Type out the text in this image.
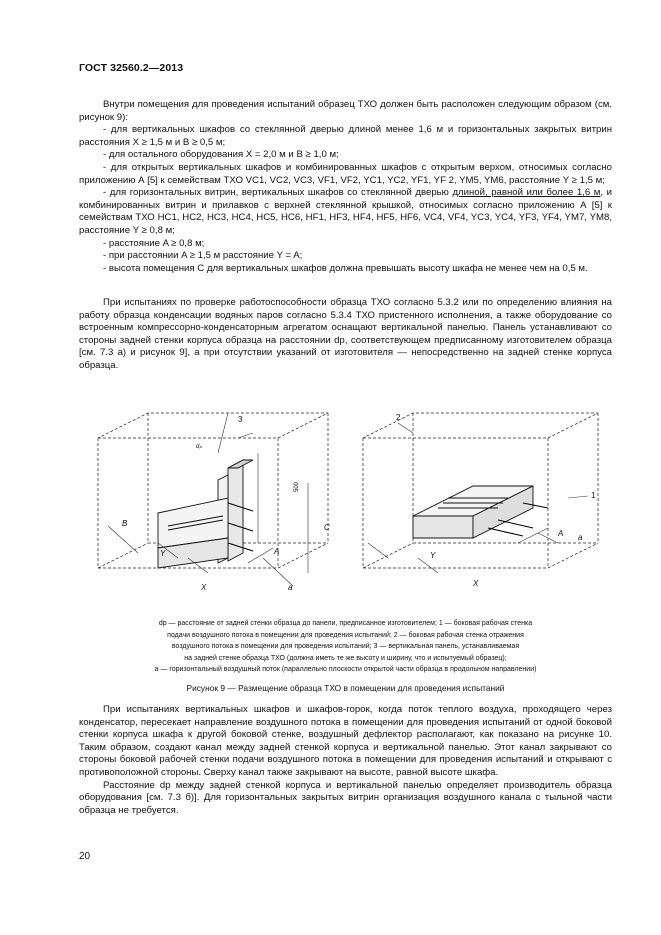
ГОСТ 32560.2—2013

Внутри помещения для проведения испытаний образец ТХО должен быть расположен следующим образом (см. рисунок 9):

- для вертикальных шкафов со стеклянной дверью длиной менее 1,6 м и горизонтальных закрытых витрин расстояния X ≥ 1,5 м и B ≥ 0,5 м;

- для остального оборудования X = 2,0 м и B ≥ 1,0 м;

- для открытых вертикальных шкафов и комбинированных шкафов с открытым верхом, относимых согласно приложению А [5] к семействам ТХО VC1, VC2, VC3, VF1, VF2, YC1, YC2, YF1, YF 2, YM5, YM6, расстояние Y ≥ 1,5 м;

- для горизонтальных витрин, вертикальных шкафов со стеклянной дверью длиной, равной или более 1,6 м, и комбинированных витрин и прилавков с верхней стеклянной крышкой, относимых согласно приложению А [5] к семействам ТХО HC1, HC2, HC3, HC4, HC5, HC6, HF1, HF3, HF4, HF5, HF6, VC4, VF4, YC3, YC4, YF3, YF4, YM7, YM8, расстояние Y ≥ 0,8 м;

- расстояние A ≥ 0,8 м;

- при расстоянии A ≥ 1,5 м расстояние Y = A;

- высота помещения C для вертикальных шкафов должна превышать высоту шкафа не менее чем на 0,5 м.

При испытаниях по проверке работоспособности образца ТХО согласно 5.3.2 или по определению влияния на работу образца конденсации водяных паров согласно 5.3.4 ТХО пристенного исполнения, а также оборудование со встроенным компрессорно-конденсаторным агрегатом оснащают вертикальной панелью. Панель устанавливают со стороны задней стенки корпуса образца на расстоянии dp, соответствующем предписанному изготовителем образца [см. 7.3 а) и рисунок 9], а при отсутствии указаний от изготовителя — непосредственно на задней стенке корпуса образца.

3
dₚ
500
C
B
Y
X
A
a
2
1
Y
X
A a
dp — расстояние от задней стенки образца до панели, предписанное изготовителем; 1 — боковая рабочая стенка
подачи воздушного потока в помещении для проведения испытаний; 2 — боковая рабочая стенка отражения
воздушного потока в помещении для проведения испытаний; 3 — вертикальная панель, устанавливаемая
на задней стенке образца ТХО (должна иметь те же высоту и ширину, что и испытуемый образец);
a — горизонтальный воздушный поток (параллельно плоскости открытой части образца в продольном направлении)
Рисунок 9 — Размещение образца ТХО в помещении для проведения испытаний

При испытаниях вертикальных шкафов и шкафов-горок, когда поток теплого воздуха, проходящего через конденсатор, пересекает направление воздушного потока в помещении для проведения испытаний от одной боковой стенки корпуса шкафа к другой боковой стенке, воздушный дефлектор располагают, как показано на рисунке 10. Таким образом, создают канал между задней стенкой корпуса и вертикальной панелью. Этот канал закрывают со стороны боковой рабочей стенки подачи воздушного потока в помещении для проведения испытаний и открывают с противоположной стороны. Сверху канал также закрывают на высоте, равной высоте шкафа.

Расстояние dp между задней стенкой корпуса и вертикальной панелью определяет производитель образца оборудования [см. 7.3 б)]. Для горизонтальных закрытых витрин организация воздушного канала с тыльной части образца не требуется.

20
